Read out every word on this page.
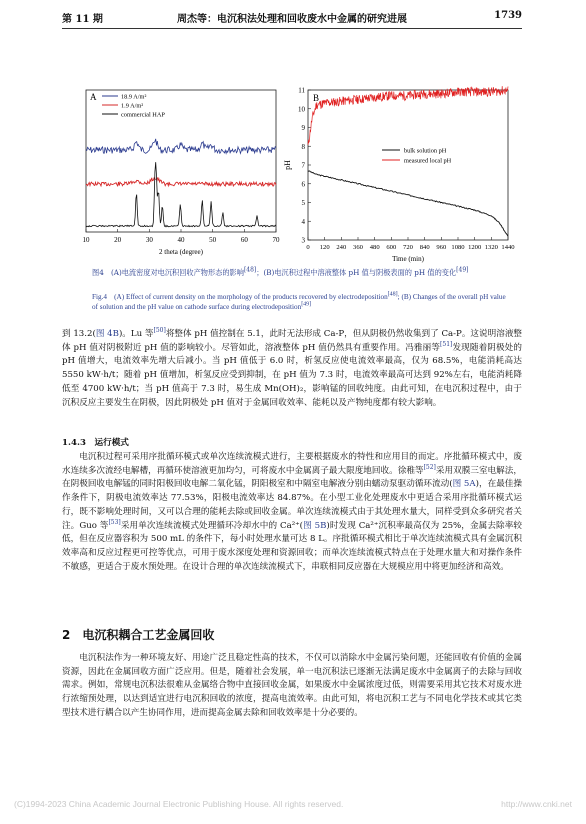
第 11 期	周杰等：电沉积法处理和回收废水中金属的研究进展	1739
A	18.9 A/m²
1.9 A/m²
commercial HAP
10	20	30	40	50	60	70
2 theta (degree)
B
3
4
5
6
7
8
9
10
11
0 120 240 360 480 600 720 840 960 1080 1200 1320 1440
pH
Time (min)
bulk solution pH
measured local pH
图4　(A)电流密度对电沉积回收产物形态的影响[48]；(B)电沉积过程中溶液整体 pH 值与阴极表面的 pH 值的变化[49]
Fig.4　(A) Effect of current density on the morphology of the products recovered by electrodeposition[48]; (B) Changes of the overall pH value of solution and the pH value on cathode surface during electrodeposition[49]
到 13.2(图 4B)。Lu 等[50]将整体 pH 值控制在 5.1，此时无法形成 Ca-P，但从阴极仍然收集到了 Ca-P。这说明溶液整体 pH 值对阴极附近 pH 值的影响较小。尽管如此，溶液整体 pH 值仍然具有重要作用。冯雅丽等[51]发现随着阴极处的 pH 值增大，电流效率先增大后减小。当 pH 值低于 6.0 时，析氢反应使电流效率最高，仅为 68.5%，电能消耗高达 5550 kW·h/t；随着 pH 值增加，析氢反应受到抑制，在 pH 值为 7.3 时，电流效率最高可达到 92%左右，电能消耗降低至 4700 kW·h/t；当 pH 值高于 7.3 时，易生成 Mn(OH)₂，影响锰的回收纯度。由此可知，在电沉积过程中，由于沉积反应主要发生在阴极，因此阴极处 pH 值对于金属回收效率、能耗以及产物纯度都有较大影响。
1.4.3　运行模式
电沉积过程可采用序批循环模式或单次连续流模式进行，主要根据废水的特性和应用目的而定。序批循环模式中，废水连续多次流经电解槽，再循环使溶液更加均匀，可将废水中金属离子最大限度地回收。徐稚等[52]采用双膜三室电解法，在阴极回收电解锰的同时阳极回收电解二氧化锰，阴阳极室和中隔室电解液分别由蠕动泵驱动循环流动(图 5A)，在最佳操作条件下，阴极电流效率达 77.53%，阳极电流效率达 84.87%。在小型工业化处理废水中更适合采用序批循环模式运行，既不影响处理时间，又可以合理的能耗去除或回收金属。单次连续流模式由于其处理水量大，同样受到众多研究者关注。Guo 等[53]采用单次连续流模式处理循环冷却水中的 Ca²⁺(图 5B)时发现 Ca²⁺沉积率最高仅为 25%，金属去除率较低，但在反应器容积为 500 mL 的条件下，每小时处理水量可达 8 L。序批循环模式相比于单次连续流模式具有金属沉积效率高和反应过程更可控等优点，可用于废水深度处理和资源回收；而单次连续流模式特点在于处理水量大和对操作条件不敏感，更适合于废水预处理。在设计合理的单次连续流模式下，串联相同反应器在大规模应用中将更加经济和高效。
2　电沉积耦合工艺金属回收
电沉积法作为一种环境友好、用途广泛且稳定性高的技术，不仅可以消除水中金属污染问题，还能回收有价值的金属资源，因此在金属回收方面广泛应用。但是，随着社会发展，单一电沉积法已逐渐无法满足废水中金属离子的去除与回收需求。例如，常规电沉积法很难从金属络合物中直接回收金属，如果废水中金属浓度过低，则需要采用其它技术对废水进行浓缩预处理，以达到适宜进行电沉积回收的浓度，提高电流效率。由此可知，将电沉积工艺与不同电化学技术或其它类型技术进行耦合以产生协同作用，进而提高金属去除和回收效率是十分必要的。
(C)1994-2023 China Academic Journal Electronic Publishing House. All rights reserved.	http://www.cnki.net
